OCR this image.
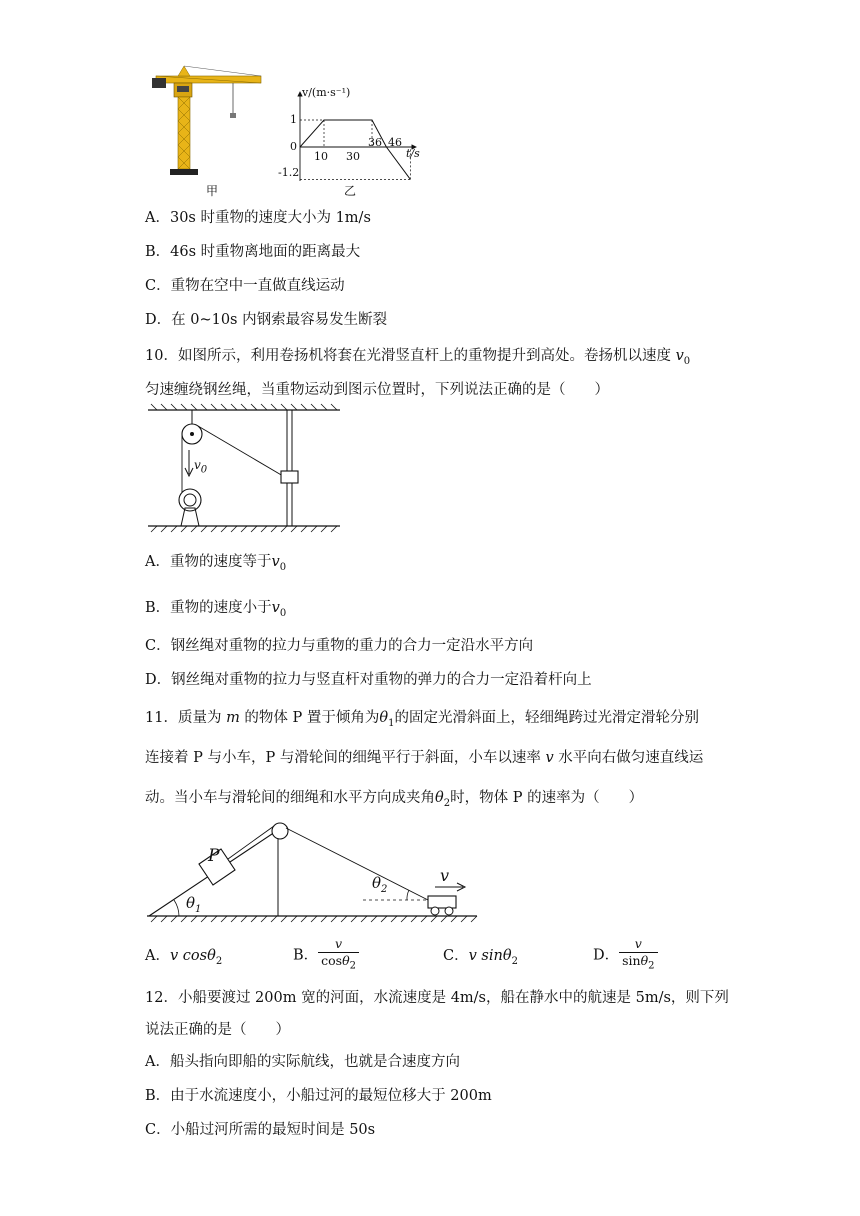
甲
v/(m·s⁻¹)
t/s
1
0
-1.2
10 30
36 46
乙
A．30s 时重物的速度大小为 1m/s
B．46s 时重物离地面的距离最大
C．重物在空中一直做直线运动
D．在 0~10s 内钢索最容易发生断裂
10．如图所示，利用卷扬机将套在光滑竖直杆上的重物提升到高处。卷扬机以速度 $v_0$
匀速缠绕钢丝绳，当重物运动到图示位置时，下列说法正确的是（　　）
$v_0$
A．重物的速度等于$v_0$
B．重物的速度小于$v_0$
C．钢丝绳对重物的拉力与重物的重力的合力一定沿水平方向
D．钢丝绳对重物的拉力与竖直杆对重物的弹力的合力一定沿着杆向上
11．质量为 m 的物体 P 置于倾角为$\theta_1$的固定光滑斜面上，轻细绳跨过光滑定滑轮分别
连接着 P 与小车，P 与滑轮间的细绳平行于斜面，小车以速率 v 水平向右做匀速直线运
动。当小车与滑轮间的细绳和水平方向成夹角$\theta_2$时，物体 P 的速率为（　　）
P
$\theta_1$
$\theta_2$
v
A．v cosθ$_2$	B． $\frac{v}{\cos\theta_2}$	C．v sinθ$_2$	D． $\frac{v}{\sin\theta_2}$
12．小船要渡过 200m 宽的河面，水流速度是 4m/s，船在静水中的航速是 5m/s，则下列
说法正确的是（　　）
A．船头指向即船的实际航线，也就是合速度方向
B．由于水流速度小，小船过河的最短位移大于 200m
C．小船过河所需的最短时间是 50s
